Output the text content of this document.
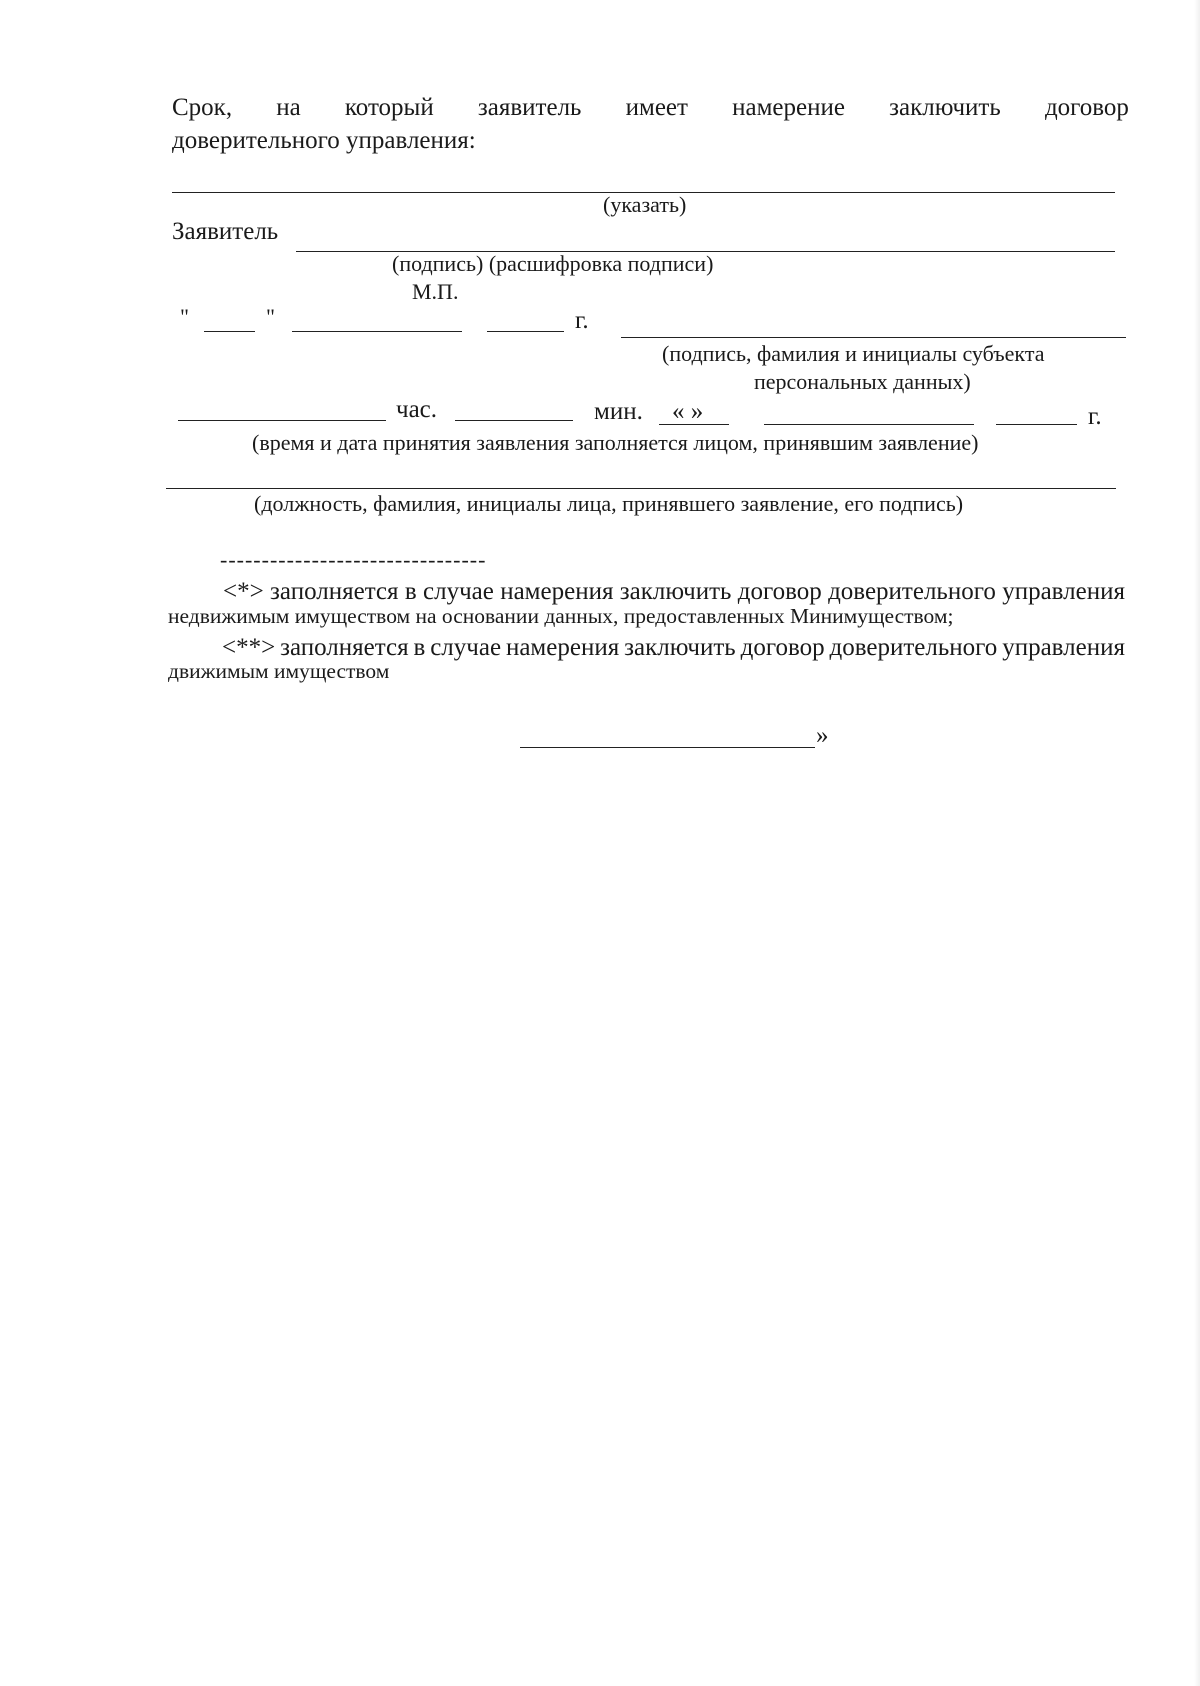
Срок, на который заявитель имеет намерение заключить договор
доверительного управления:
(указать)
Заявитель
(подпись) (расшифровка подписи)
М.П.
"	"	г.
(подпись, фамилия и инициалы субъекта
персональных данных)
час.	мин. « »	г.
(время и дата принятия заявления заполняется лицом, принявшим заявление)
(должность, фамилия, инициалы лица, принявшего заявление, его подпись)
--------------------------------
<*> заполняется в случае намерения заключить договор доверительного управления
недвижимым имуществом на основании данных, предоставленных Минимуществом;
<**> заполняется в случае намерения заключить договор доверительного управления
движимым имуществом
»
